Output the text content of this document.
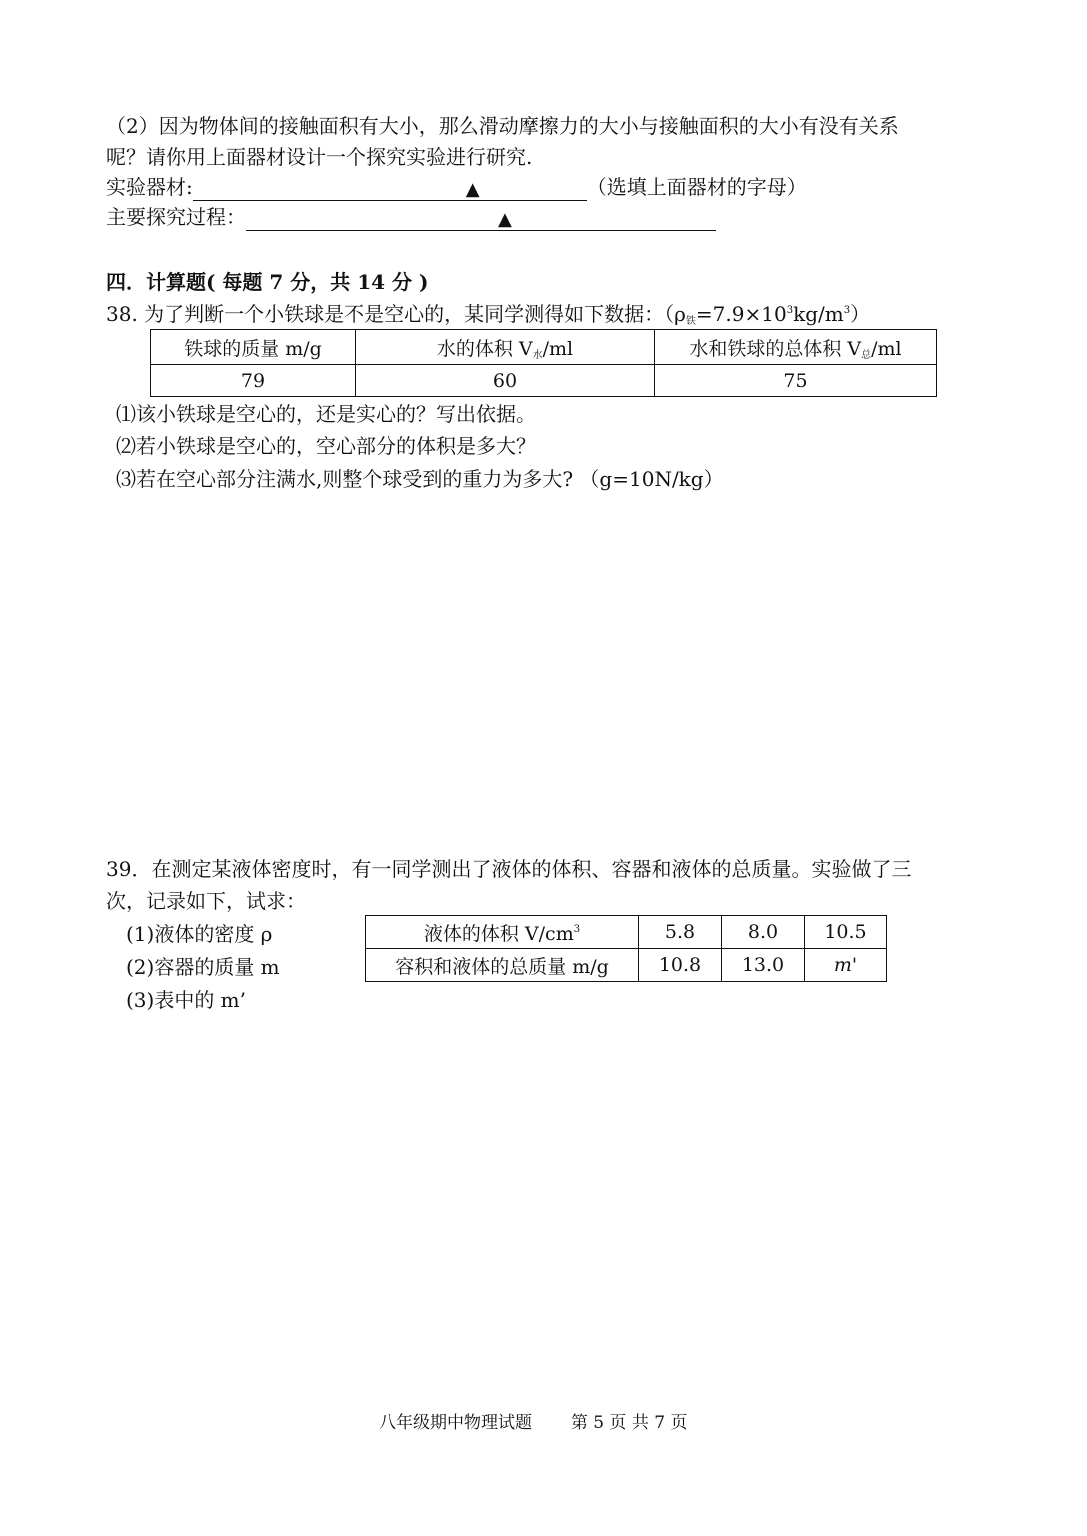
（2）因为物体间的接触面积有大小，那么滑动摩擦力的大小与接触面积的大小有没有关系
呢？请你用上面器材设计一个探究实验进行研究.
实验器材:	▲	（选填上面器材的字母）
主要探究过程：	▲
四．计算题( 每题 7 分，共 14 分 )
38. 为了判断一个小铁球是不是空心的，某同学测得如下数据：$(\rho_铁=7.9\times 10^3kg/m^3)$
铁球的质量 m/g	水的体积 $V_水/ml$	水和铁球的总体积 $V_总/ml$
79	60	75
⑴该小铁球是空心的，还是实心的？写出依据。
⑵若小铁球是空心的，空心部分的体积是多大？
⑶若在空心部分注满水,则整个球受到的重力为多大? （g=10N/kg）
39．在测定某液体密度时，有一同学测出了液体的体积、容器和液体的总质量。实验做了三
次，记录如下，试求：
(1)液体的密度 ρ
(2)容器的质量 m
(3)表中的 m’
液体的体积 $V/cm^3$	5.8	8.0	10.5
容积和液体的总质量 m/g	10.8	13.0	m'
八年级期中物理试题 第 5 页 共 7 页
